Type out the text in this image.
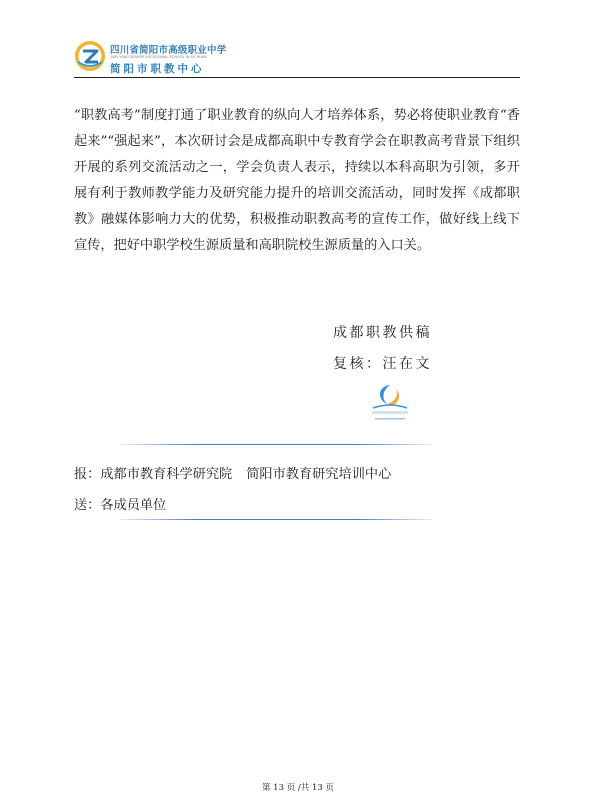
四川省简阳市高级职业中学
JIAN YANG SENIOR VOCATIONAL SCHOOL IN SICHUAN
简阳市职教中心

“职教高考”制度打通了职业教育的纵向人才培养体系，势必将使职业教育“香起来”“强起来”，本次研讨会是成都高职中专教育学会在职教高考背景下组织开展的系列交流活动之一，学会负责人表示，持续以本科高职为引领，多开展有利于教师教学能力及研究能力提升的培训交流活动，同时发挥《成都职教》融媒体影响力大的优势，积极推动职教高考的宣传工作，做好线上线下宣传，把好中职学校生源质量和高职院校生源质量的入口关。

成都职教供稿
复核：汪在文
报：成都市教育科学研究院 简阳市教育研究培训中心
送：各成员单位
第 13 页 /共 13 页
